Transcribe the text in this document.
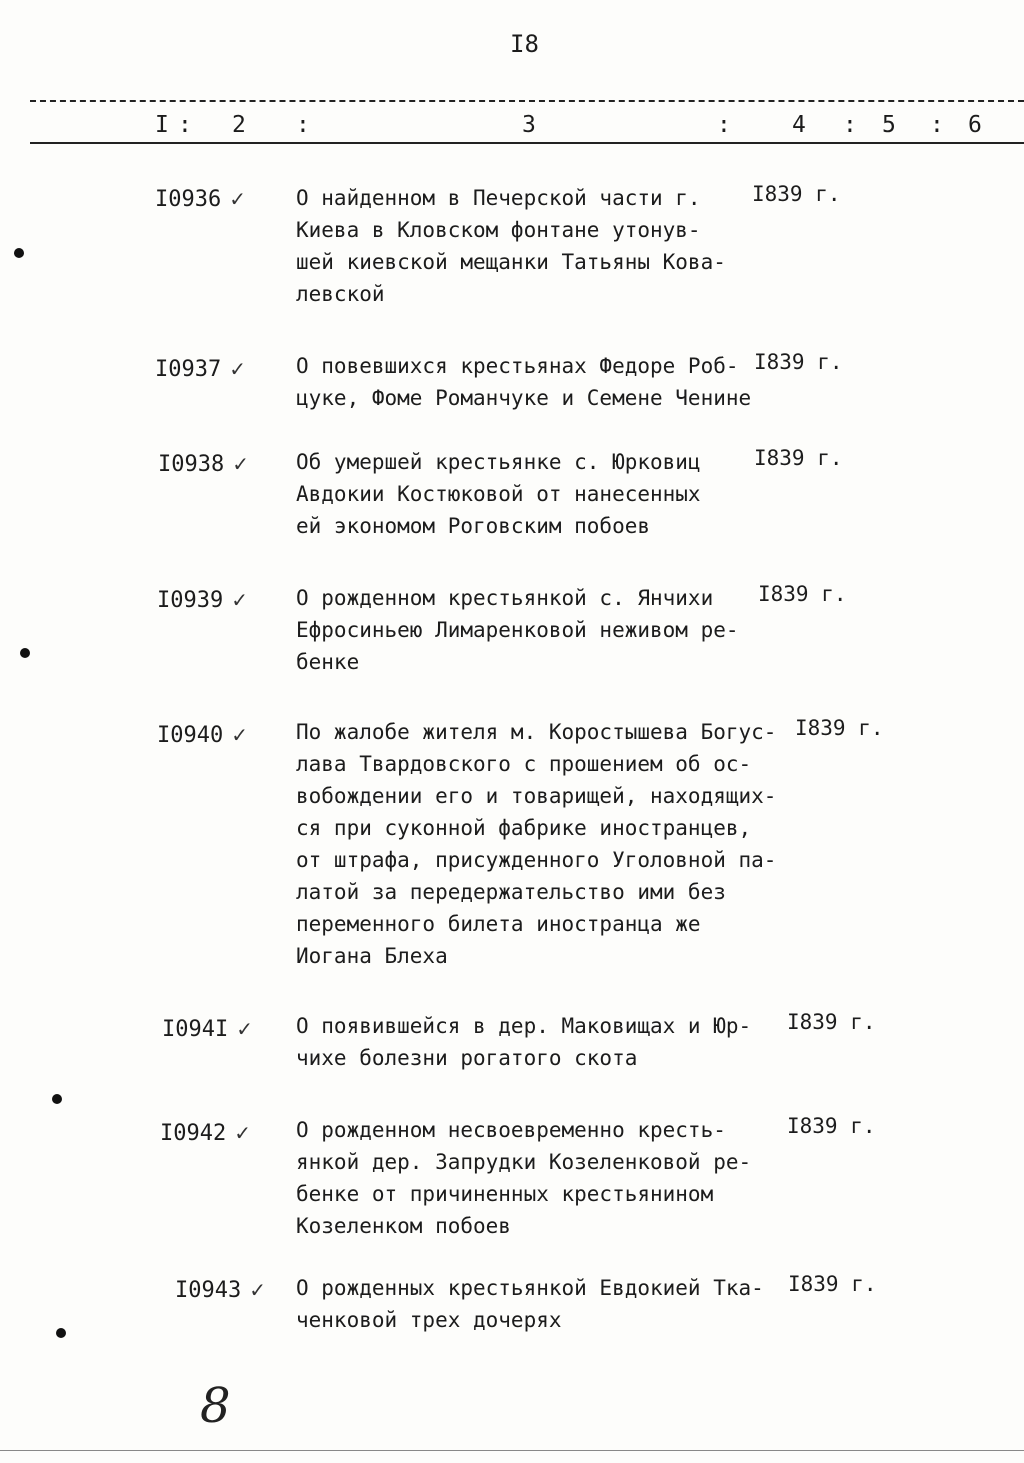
I8
I : 2 :	3	:	4 : 5 : 6
I0936 ✓ О найденном в Печерской части г.
Киева в Кловском фонтане утонув-
шей киевской мещанки Татьяны Кова-
левской
I839 г.
I0937 ✓ О повевшихся крестьянах Федоре Роб-
цуке, Фоме Романчуке и Семене Ченине
I839 г.
I0938 ✓ Об умершей крестьянке с. Юрковиц
Авдокии Костюковой от нанесенных
ей экономом Роговским побоев
I839 г.
I0939 ✓ О рожденном крестьянкой с. Янчихи
Ефросиньею Лимаренковой неживом ре-
бенке
I839 г.
I0940 ✓ По жалобе жителя м. Коростышева Богус-
лава Твардовского с прошением об ос-
вобождении его и товарищей, находящих-
ся при суконной фабрике иностранцев,
от штрафа, присужденного Уголовной па-
латой за передержательство ими без
переменного билета иностранца же
Иогана Блеха
I839 г.
I094I ✓ О появившейся в дер. Маковищах и Юр-
чихе болезни рогатого скота
I839 г.
I0942 ✓ О рожденном несвоевременно кресть-
янкой дер. Запрудки Козеленковой ре-
бенке от причиненных крестьянином
Козеленком побоев
I839 г.
I0943 ✓ О рожденных крестьянкой Евдокией Тка-
ченковой трех дочерях
I839 г.
8
